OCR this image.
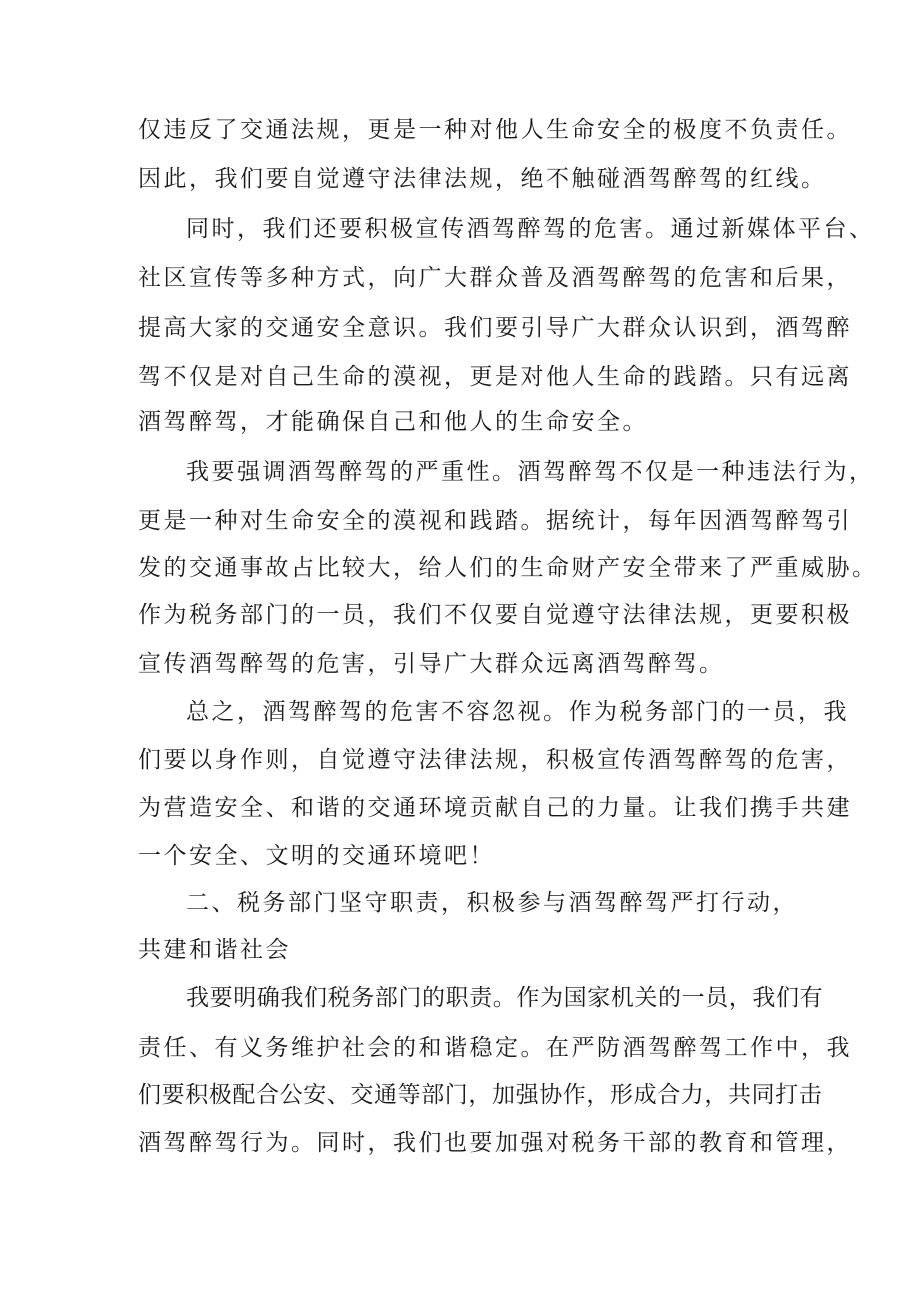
仅违反了交通法规，更是一种对他人生命安全的极度不负责任。
因此，我们要自觉遵守法律法规，绝不触碰酒驾醉驾的红线。
同时，我们还要积极宣传酒驾醉驾的危害。通过新媒体平台、
社区宣传等多种方式，向广大群众普及酒驾醉驾的危害和后果，
提高大家的交通安全意识。我们要引导广大群众认识到，酒驾醉
驾不仅是对自己生命的漠视，更是对他人生命的践踏。只有远离
酒驾醉驾，才能确保自己和他人的生命安全。
我要强调酒驾醉驾的严重性。酒驾醉驾不仅是一种违法行为，
更是一种对生命安全的漠视和践踏。据统计，每年因酒驾醉驾引
发的交通事故占比较大，给人们的生命财产安全带来了严重威胁。
作为税务部门的一员，我们不仅要自觉遵守法律法规，更要积极
宣传酒驾醉驾的危害，引导广大群众远离酒驾醉驾。
总之，酒驾醉驾的危害不容忽视。作为税务部门的一员，我
们要以身作则，自觉遵守法律法规，积极宣传酒驾醉驾的危害，
为营造安全、和谐的交通环境贡献自己的力量。让我们携手共建
一个安全、文明的交通环境吧！
二、税务部门坚守职责，积极参与酒驾醉驾严打行动，
共建和谐社会
我要明确我们税务部门的职责。作为国家机关的一员，我们有
责任、有义务维护社会的和谐稳定。在严防酒驾醉驾工作中，我
们要积极配合公安、交通等部门，加强协作，形成合力，共同打击
酒驾醉驾行为。同时，我们也要加强对税务干部的教育和管理，
